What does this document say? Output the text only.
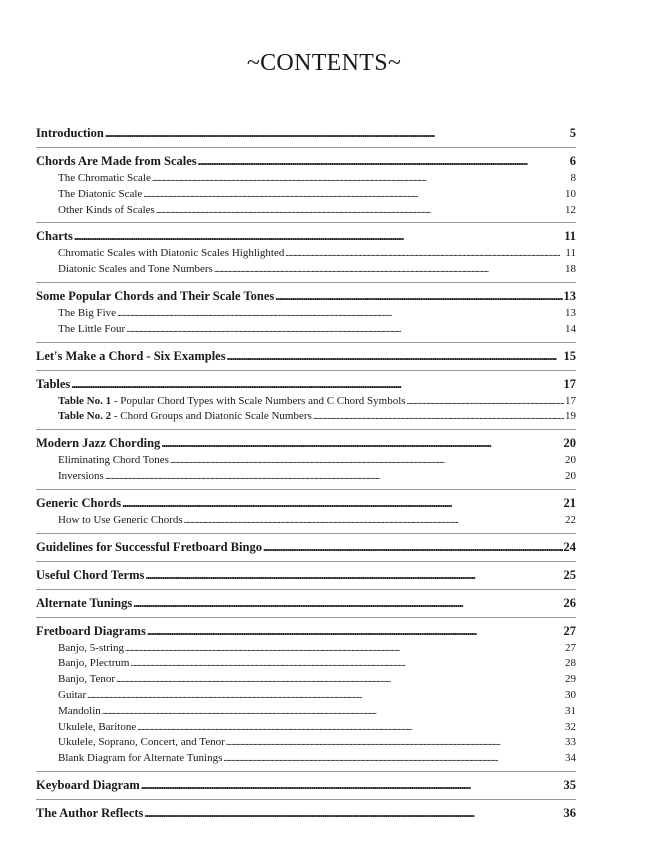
~CONTENTS~
Introduction . . .	5
Chords Are Made from Scales . . .	6
The Chromatic Scale . . .	8
The Diatonic Scale . . .	10
Other Kinds of Scales . . .	12
Charts . . .	11
Chromatic Scales with Diatonic Scales Highlighted . . .	11
Diatonic Scales and Tone Numbers . . .	18
Some Popular Chords and Their Scale Tones . . .	13
The Big Five . . .	13
The Little Four . . .	14
Let's Make a Chord - Six Examples . . .	15
Tables . . .	17
Table No. 1 - Popular Chord Types with Scale Numbers and C Chord Symbols . . .	17
Table No. 2 - Chord Groups and Diatonic Scale Numbers . . .	19
Modern Jazz Chording . . .	20
Eliminating Chord Tones . . .	20
Inversions . . .	20
Generic Chords . . .	21
How to Use Generic Chords . . .	22
Guidelines for Successful Fretboard Bingo . . .	24
Useful Chord Terms . . .	25
Alternate Tunings . . .	26
Fretboard Diagrams . . .	27
Banjo, 5-string . . .	27
Banjo, Plectrum . . .	28
Banjo, Tenor . . .	29
Guitar . . .	30
Mandolin . . .	31
Ukulele, Baritone . . .	32
Ukulele, Soprano, Concert, and Tenor . . .	33
Blank Diagram for Alternate Tunings . . .	34
Keyboard Diagram . . .	35
The Author Reflects . . .	36
